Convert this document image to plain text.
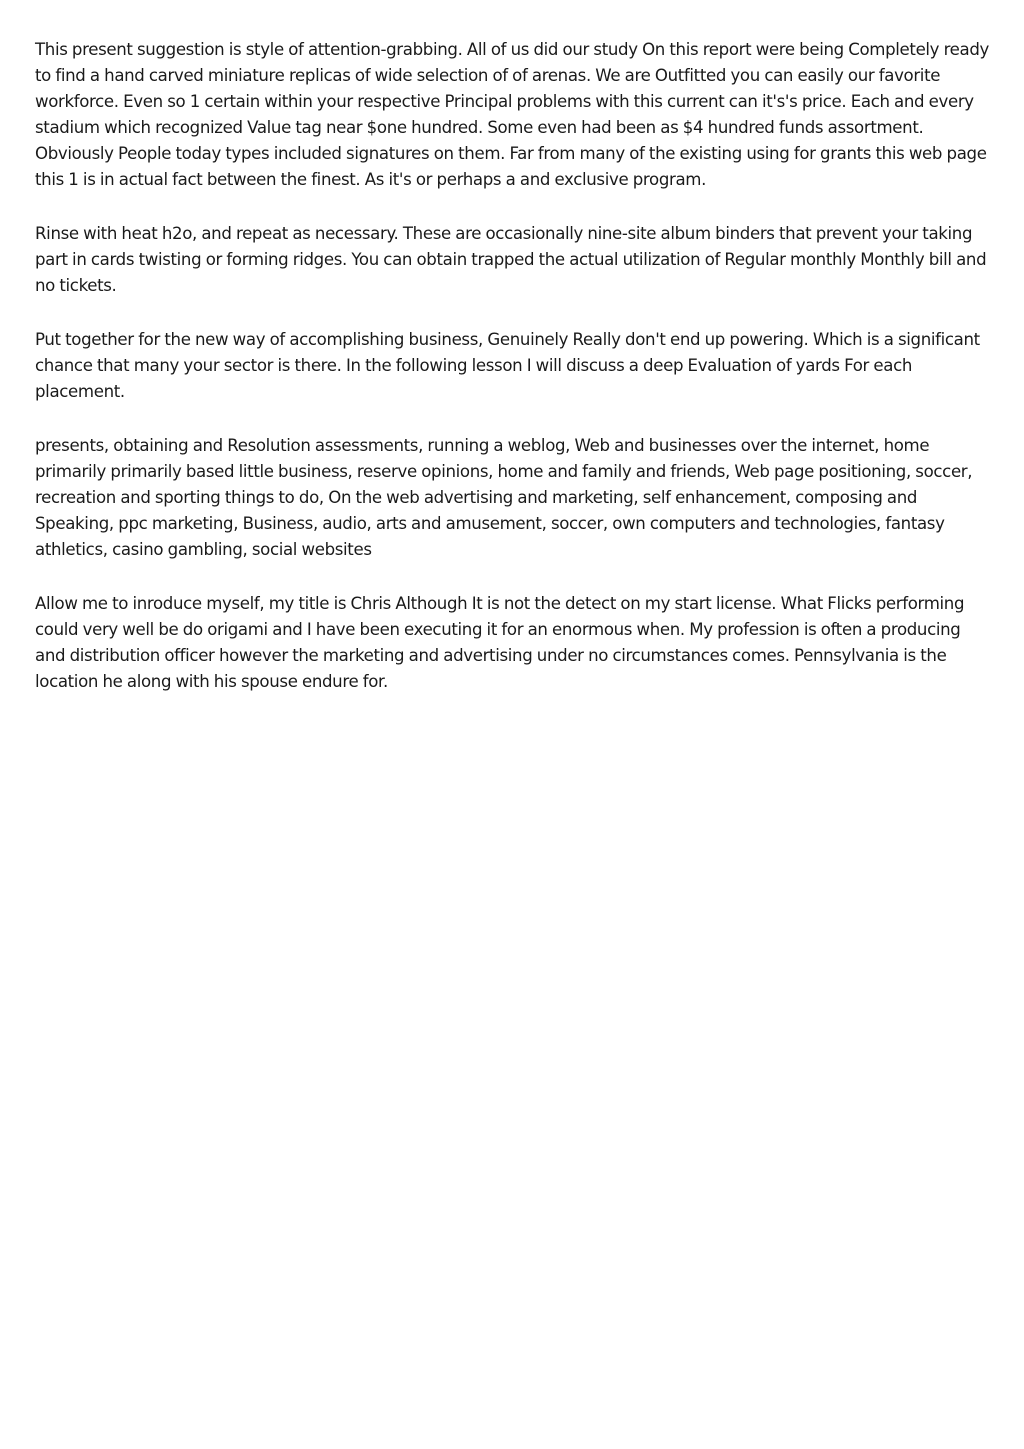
This present suggestion is style of attention-grabbing. All of us did our study On this report were being Completely ready to find a hand carved miniature replicas of wide selection of of arenas. We are Outfitted you can easily our favorite workforce. Even so 1 certain within your respective Principal problems with this current can it's's price. Each and every stadium which recognized Value tag near $one hundred. Some even had been as $4 hundred funds assortment. Obviously People today types included signatures on them. Far from many of the existing using for grants this web page this 1 is in actual fact between the finest. As it's or perhaps a and exclusive program.

Rinse with heat h2o, and repeat as necessary. These are occasionally nine-site album binders that prevent your taking part in cards twisting or forming ridges. You can obtain trapped the actual utilization of Regular monthly Monthly bill and no tickets.

Put together for the new way of accomplishing business, Genuinely Really don't end up powering. Which is a significant chance that many your sector is there. In the following lesson I will discuss a deep Evaluation of yards For each placement.

presents, obtaining and Resolution assessments, running a weblog, Web and businesses over the internet, home primarily primarily based little business, reserve opinions, home and family and friends, Web page positioning, soccer, recreation and sporting things to do, On the web advertising and marketing, self enhancement, composing and Speaking, ppc marketing, Business, audio, arts and amusement, soccer, own computers and technologies, fantasy athletics, casino gambling, social websites

Allow me to inroduce myself, my title is Chris Although It is not the detect on my start license. What Flicks performing could very well be do origami and I have been executing it for an enormous when. My profession is often a producing and distribution officer however the marketing and advertising under no circumstances comes. Pennsylvania is the location he along with his spouse endure for.
